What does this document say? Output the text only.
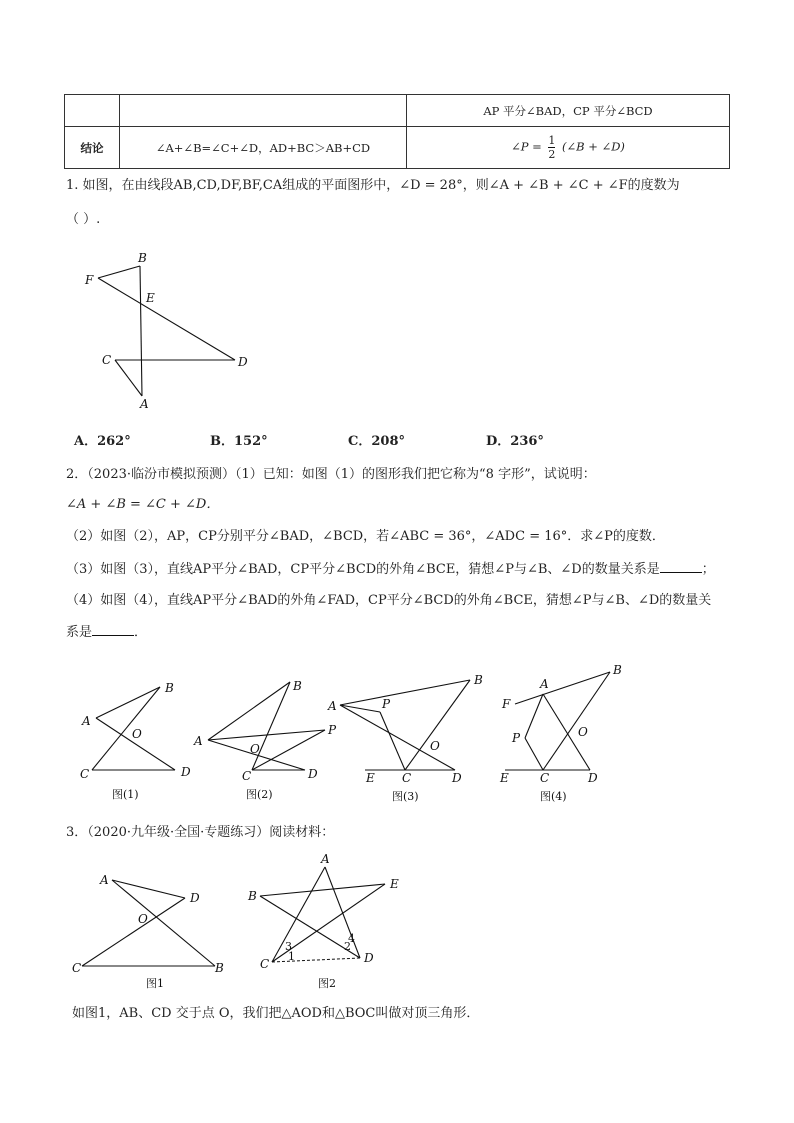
		AP 平分∠BAD，CP 平分∠BCD
结论	∠A+∠B=∠C+∠D，AD+BC＞AB+CD	∠P = $\frac{1}{2}$ (∠B + ∠D)
1. 如图，在由线段AB,CD,DF,BF,CA组成的平面图形中，∠D = 28°，则∠A + ∠B + ∠C + ∠F的度数为
（ ）.
B
F
E
C	D
A
A．262°	B．152°	C．208°	D．236°
2．（2023·临汾市模拟预测）（1）已知：如图（1）的图形我们把它称为“8 字形”，试说明：
∠A + ∠B = ∠C + ∠D．
（2）如图（2），AP，CP分别平分∠BAD，∠BCD，若∠ABC = 36°，∠ADC = 16°．求∠P的度数．
（3）如图（3），直线AP平分∠BAD，CP平分∠BCD的外角∠BCE，猜想∠P与∠B、∠D的数量关系是	；
（4）如图（4），直线AP平分∠BAD的外角∠FAD，CP平分∠BCD的外角∠BCE，猜想∠P与∠B、∠D的数量关
系是	．
B
A
O
C	D
图(1)
B
A
O
P
C	D
图(2)
B
A	P
O
E C	D
图(3)
B
A
F
P	O
E	C	D
图(4)
3．（2020·九年级·全国·专题练习）阅读材料：
A
D
O
C	B
图1
A
B
E
C	D
3
1
2
4
图2
如图1，AB、CD 交于点 O，我们把△AOD和△BOC叫做对顶三角形．
